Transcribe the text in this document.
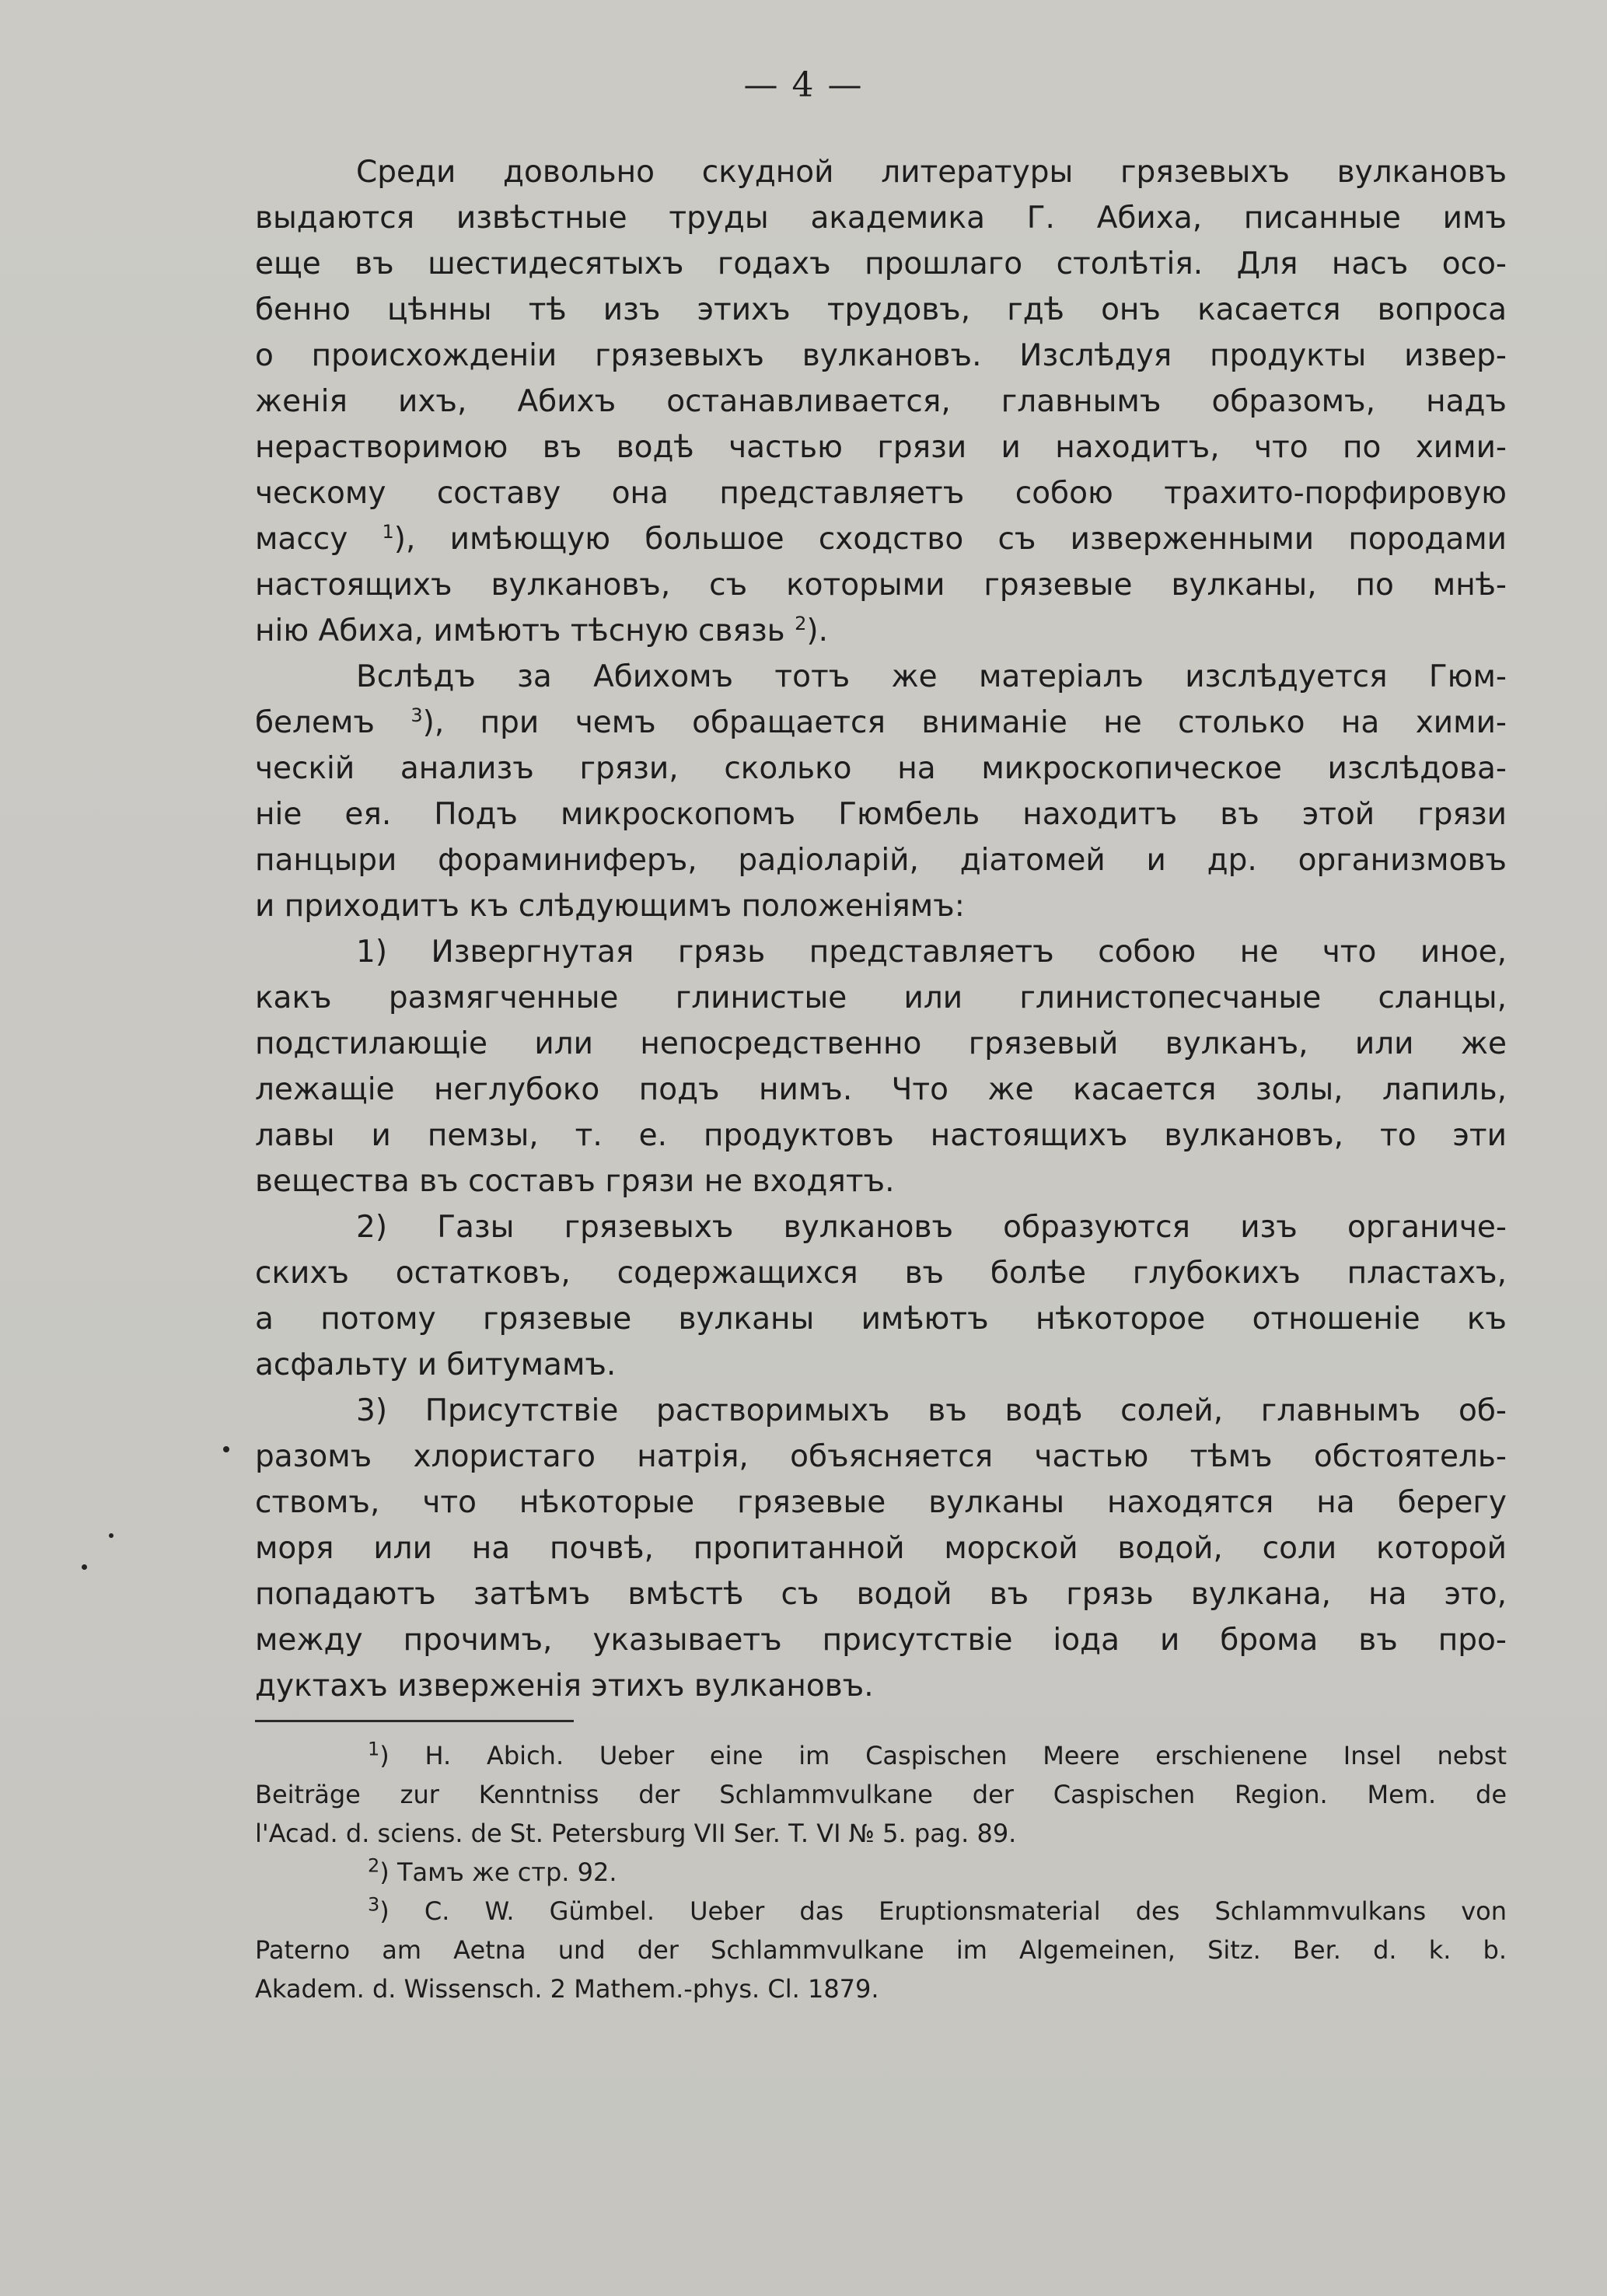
— 4 —
Среди довольно скудной литературы грязевыхъ вулкановъ
выдаются извѣстные труды академика Г. Абиха, писанные имъ
еще въ шестидесятыхъ годахъ прошлаго столѣтія. Для насъ осо-
бенно цѣнны тѣ изъ этихъ трудовъ, гдѣ онъ касается вопроса
о происхожденіи грязевыхъ вулкановъ. Изслѣдуя продукты извер-
женія ихъ, Абихъ останавливается, главнымъ образомъ, надъ
нерастворимою въ водѣ частью грязи и находитъ, что по хими-
ческому составу она представляетъ собою трахито-порфировую
массу $^1$), имѣющую большое сходство съ изверженными породами
настоящихъ вулкановъ, съ которыми грязевые вулканы, по мнѣ-
нію Абиха, имѣютъ тѣсную связь $^2$).
Вслѣдъ за Абихомъ тотъ же матеріалъ изслѣдуется Гюм-
белемъ $^3$), при чемъ обращается вниманіе не столько на хими-
ческій анализъ грязи, сколько на микроскопическое изслѣдова-
ніе ея. Подъ микроскопомъ Гюмбель находитъ въ этой грязи
панцыри фораминиферъ, радіоларій, діатомей и др. организмовъ
и приходитъ къ слѣдующимъ положеніямъ:
1) Извергнутая грязь представляетъ собою не что иное,
какъ размягченные глинистые или глинистопесчаные сланцы,
подстилающіе или непосредственно грязевый вулканъ, или же
лежащіе неглубоко подъ нимъ. Что же касается золы, лапиль,
лавы и пемзы, т. е. продуктовъ настоящихъ вулкановъ, то эти
вещества въ составъ грязи не входятъ.
2) Газы грязевыхъ вулкановъ образуются изъ органиче-
скихъ остатковъ, содержащихся въ болѣе глубокихъ пластахъ,
а потому грязевые вулканы имѣютъ нѣкоторое отношеніе къ
асфальту и битумамъ.
3) Присутствіе растворимыхъ въ водѣ солей, главнымъ об-
разомъ хлористаго натрія, объясняется частью тѣмъ обстоятель-
ствомъ, что нѣкоторые грязевые вулканы находятся на берегу
моря или на почвѣ, пропитанной морской водой, соли которой
попадаютъ затѣмъ вмѣстѣ съ водой въ грязь вулкана, на это,
между прочимъ, указываетъ присутствіе іода и брома въ про-
дуктахъ изверженія этихъ вулкановъ.
$^1$) H. Abich. Ueber eine im Caspischen Meere erschienene Insel nebst
Beiträge zur Kenntniss der Schlammvulkane der Caspischen Region. Mem. de
l'Acad. d. sciens. de St. Petersburg VII Ser. T. VI № 5. pag. 89.
$^2$) Тамъ же стр. 92.
$^3$) C. W. Gümbel. Ueber das Eruptionsmaterial des Schlammvulkans von
Paterno am Aetna und der Schlammvulkane im Algemeinen, Sitz. Ber. d. k. b.
Akadem. d. Wissensch. 2 Mathem.-phys. Cl. 1879.
